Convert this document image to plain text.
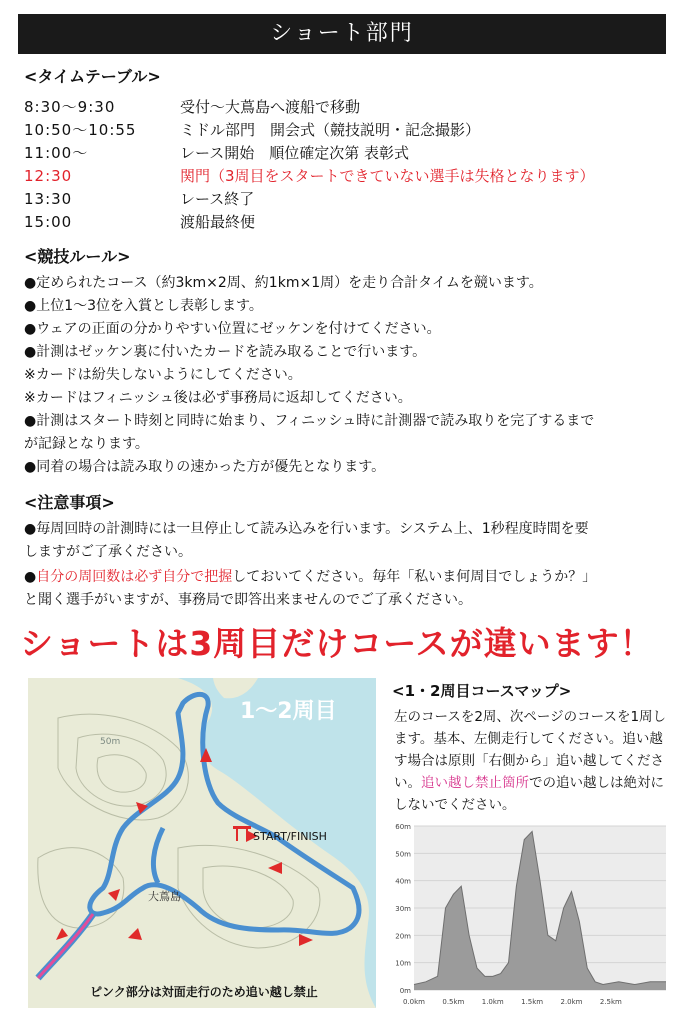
ショート部門
<タイムテーブル>
8:30〜9:30	受付〜大蔦島へ渡船で移動
10:50〜10:55	ミドル部門　開会式（競技説明・記念撮影）
11:00〜	レース開始　順位確定次第 表彰式
12:30	関門（3周目をスタートできていない選手は失格となります）
13:30	レース終了
15:00	渡船最終便
<競技ルール>
●定められたコース（約3km×2周、約1km×1周）を走り合計タイムを競います。
●上位1〜3位を入賞とし表彰します。
●ウェアの正面の分かりやすい位置にゼッケンを付けてください。
●計測はゼッケン裏に付いたカードを読み取ることで行います。
※カードは紛失しないようにしてください。
※カードはフィニッシュ後は必ず事務局に返却してください。
●計測はスタート時刻と同時に始まり、フィニッシュ時に計測器で読み取りを完了するまで
が記録となります。
●同着の場合は読み取りの速かった方が優先となります。
<注意事項>
●毎周回時の計測時には一旦停止して読み込みを行います。システム上、1秒程度時間を要
しますがご了承ください。
●自分の周回数は必ず自分で把握しておいてください。毎年「私いま何周目でしょうか？」
と聞く選手がいますが、事務局で即答出来ませんのでご了承ください。
ショートは3周目だけコースが違います！
50m
START/FINISH
大蔦島
1〜2周目
ピンク部分は対面走行のため追い越し禁止
<1・2周目コースマップ>
左のコースを2周、次ページのコースを1周します。基本、左側走行してください。追い越す場合は原則「右側から」追い越してください。追い越し禁止箇所での追い越しは絶対にしないでください。
0m
10m
20m
30m
40m
50m
60m
0.0km 0.5km 1.0km 1.5km 2.0km 2.5km
